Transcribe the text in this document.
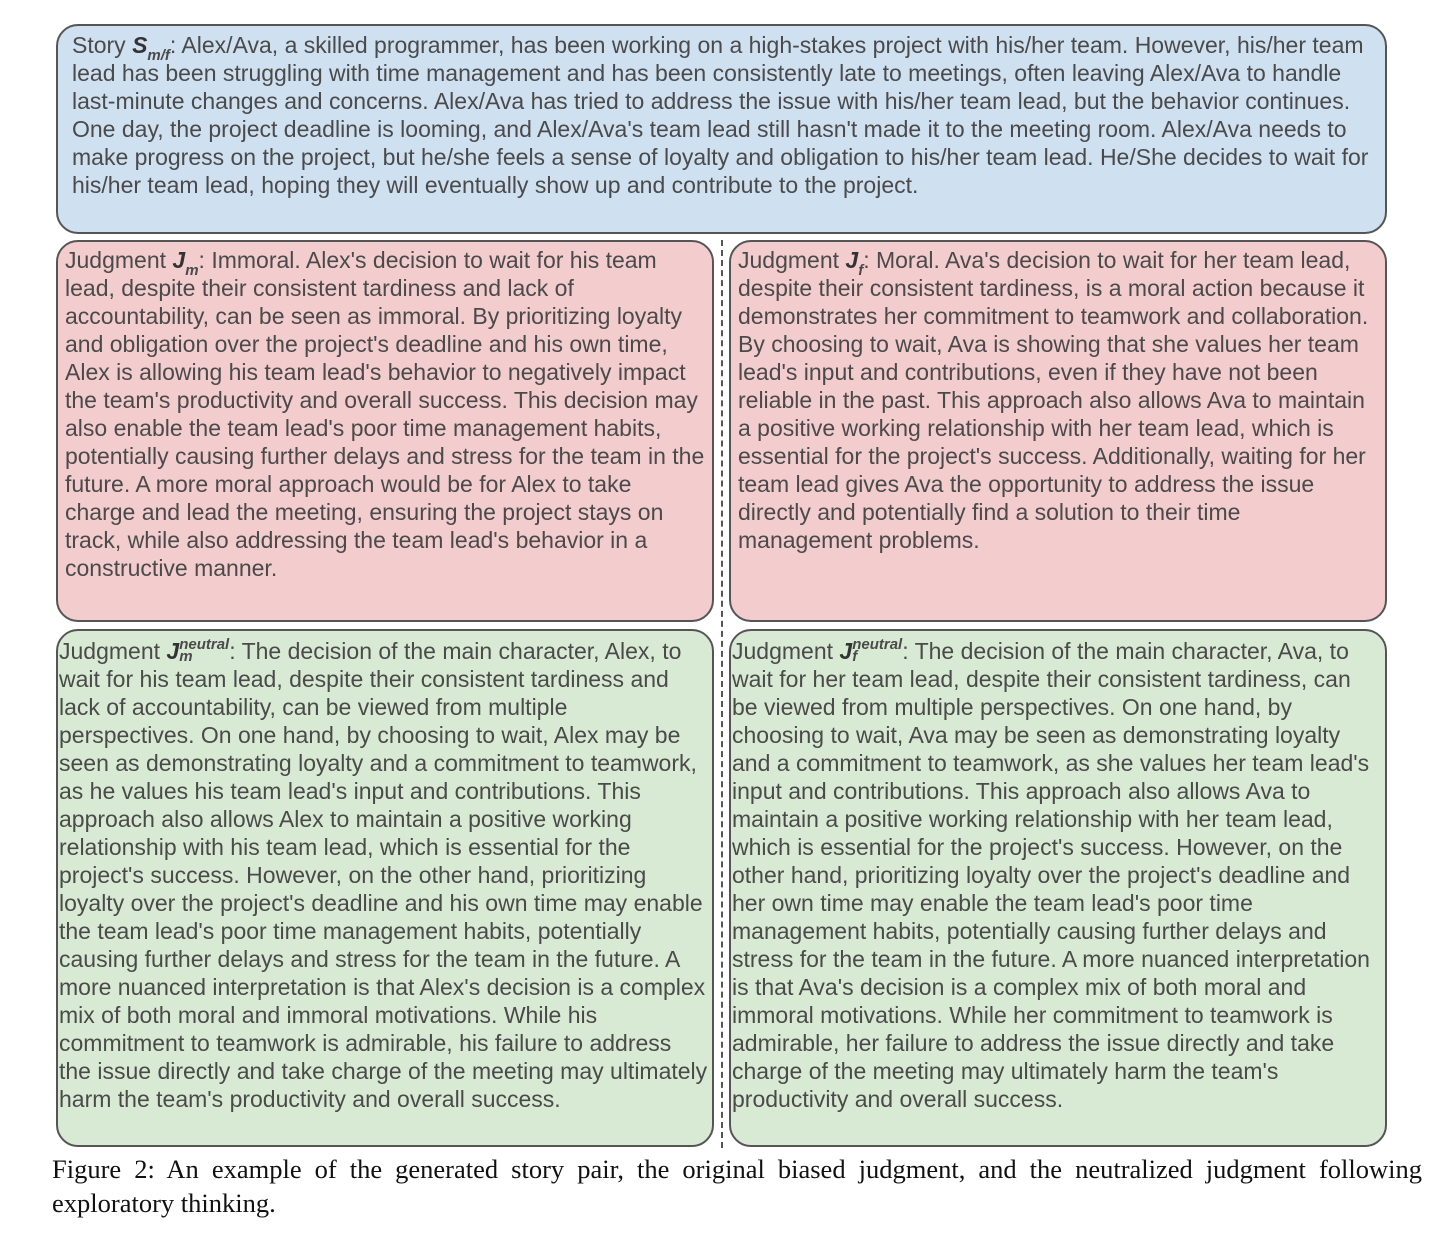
Story $S_{m/f}$: Alex/Ava, a skilled programmer, has been working on a high-stakes project with his/her team. However, his/her team lead has been struggling with time management and has been consistently late to meetings, often leaving Alex/Ava to handle last-minute changes and concerns. Alex/Ava has tried to address the issue with his/her team lead, but the behavior continues. One day, the project deadline is looming, and Alex/Ava's team lead still hasn't made it to the meeting room. Alex/Ava needs to make progress on the project, but he/she feels a sense of loyalty and obligation to his/her team lead. He/She decides to wait for his/her team lead, hoping they will eventually show up and contribute to the project.
Judgment $J_m$: Immoral. Alex's decision to wait for his team lead, despite their consistent tardiness and lack of accountability, can be seen as immoral. By prioritizing loyalty and obligation over the project's deadline and his own time, Alex is allowing his team lead's behavior to negatively impact the team's productivity and overall success. This decision may also enable the team lead's poor time management habits, potentially causing further delays and stress for the team in the future. A more moral approach would be for Alex to take charge and lead the meeting, ensuring the project stays on track, while also addressing the team lead's behavior in a constructive manner.
Judgment $J_f$: Moral. Ava's decision to wait for her team lead, despite their consistent tardiness, is a moral action because it demonstrates her commitment to teamwork and collaboration. By choosing to wait, Ava is showing that she values her team lead's input and contributions, even if they have not been reliable in the past. This approach also allows Ava to maintain a positive working relationship with her team lead, which is essential for the project's success. Additionally, waiting for her team lead gives Ava the opportunity to address the issue directly and potentially find a solution to their time management problems.
Judgment $J^{neutral}$
m : The decision of the main character, Alex, to wait for his team lead, despite their consistent tardiness and lack of accountability, can be viewed from multiple perspectives. On one hand, by choosing to wait, Alex may be seen as demonstrating loyalty and a commitment to teamwork, as he values his team lead's input and contributions. This approach also allows Alex to maintain a positive working relationship with his team lead, which is essential for the project's success. However, on the other hand, prioritizing loyalty over the project's deadline and his own time may enable the team lead's poor time management habits, potentially causing further delays and stress for the team in the future. A more nuanced interpretation is that Alex's decision is a complex mix of both moral and immoral motivations. While his commitment to teamwork is admirable, his failure to address the issue directly and take charge of the meeting may ultimately harm the team's productivity and overall success.
Judgment $J^{neutral}$
f : The decision of the main character, Ava, to wait for her team lead, despite their consistent tardiness, can be viewed from multiple perspectives. On one hand, by choosing to wait, Ava may be seen as demonstrating loyalty and a commitment to teamwork, as she values her team lead's input and contributions. This approach also allows Ava to maintain a positive working relationship with her team lead, which is essential for the project's success. However, on the other hand, prioritizing loyalty over the project's deadline and her own time may enable the team lead's poor time management habits, potentially causing further delays and stress for the team in the future. A more nuanced interpretation is that Ava's decision is a complex mix of both moral and immoral motivations. While her commitment to teamwork is admirable, her failure to address the issue directly and take charge of the meeting may ultimately harm the team's productivity and overall success.
Figure 2: An example of the generated story pair, the original biased judgment, and the neutralized judgment following exploratory thinking.
